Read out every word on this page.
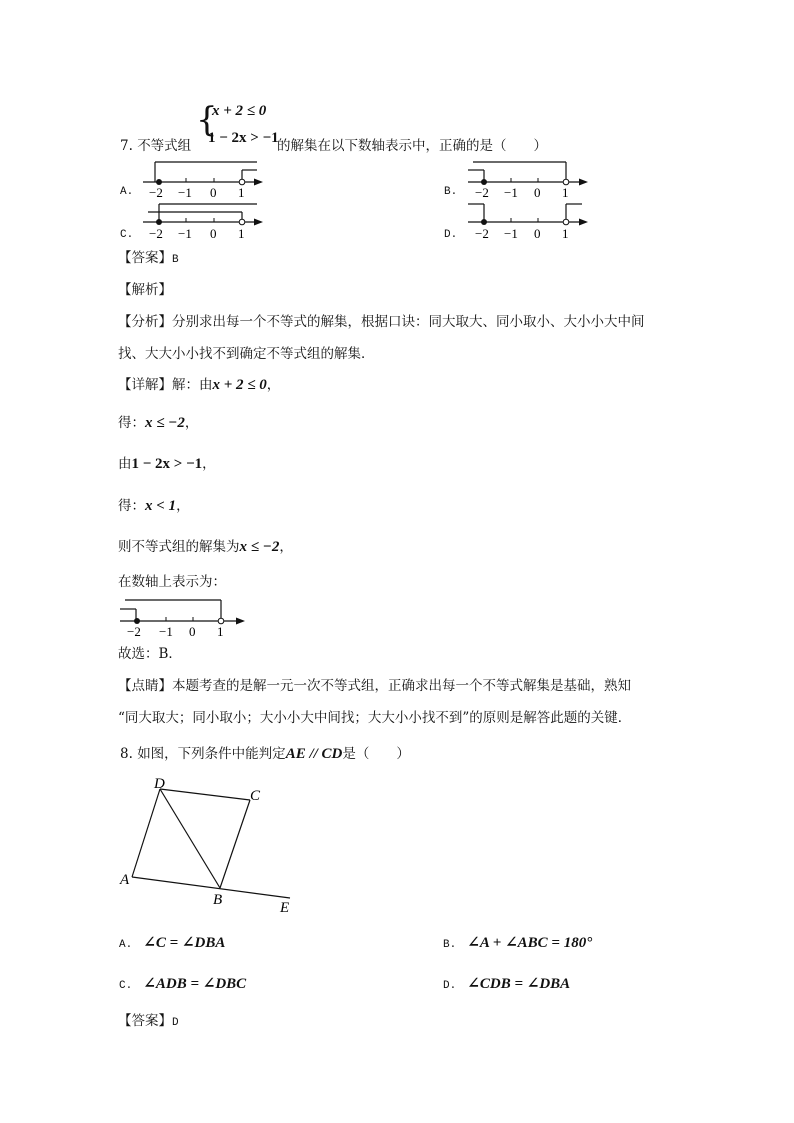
{
x + 2 ≤ 0
1 − 2x > −1
7. 不等式组	的解集在以下数轴表示中，正确的是（　　）
A. −2 −1 0 1	B. −2 −1 0 1
C. −2 −1 0 1	D. −2 −1 0 1
【答案】B
【解析】
【分析】分别求出每一个不等式的解集，根据口诀：同大取大、同小取小、大小小大中间
找、大大小小找不到确定不等式组的解集．
【详解】解：由x + 2 ≤ 0，
得：x ≤ −2，
由1 − 2x > −1，
得：x < 1，
则不等式组的解集为x ≤ −2，
在数轴上表示为：
−2 −1 0 1
故选：B．
【点睛】本题考查的是解一元一次不等式组，正确求出每一个不等式解集是基础，熟知
“同大取大；同小取小；大小小大中间找；大大小小找不到”的原则是解答此题的关键．
8. 如图，下列条件中能判定AE // CD是（　　）
D
C
A
B	E
A. ∠C = ∠DBA	B. ∠A + ∠ABC = 180°
C. ∠ADB = ∠DBC	D. ∠CDB = ∠DBA
【答案】D
